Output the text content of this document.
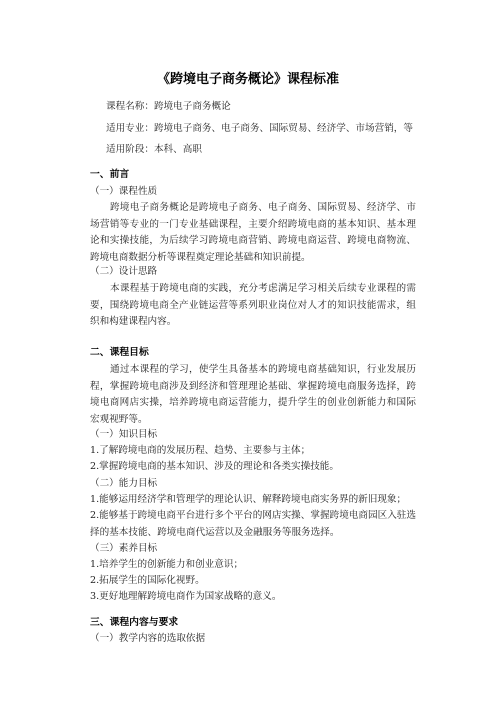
《跨境电子商务概论》课程标准
课程名称：跨境电子商务概论
适用专业：跨境电子商务、电子商务、国际贸易、经济学、市场营销，等
适用阶段：本科、高职
一、前言
（一）课程性质

跨境电子商务概论是跨境电子商务、电子商务、国际贸易、经济学、市场营销等专业的一门专业基础课程，主要介绍跨境电商的基本知识、基本理论和实操技能，为后续学习跨境电商营销、跨境电商运营、跨境电商物流、跨境电商数据分析等课程奠定理论基础和知识前提。

（二）设计思路

本课程基于跨境电商的实践，充分考虑满足学习相关后续专业课程的需要，围绕跨境电商全产业链运营等系列职业岗位对人才的知识技能需求，组织和构建课程内容。

二、课程目标

通过本课程的学习，使学生具备基本的跨境电商基础知识，行业发展历程，掌握跨境电商涉及到经济和管理理论基础、掌握跨境电商服务选择，跨境电商网店实操，培养跨境电商运营能力，提升学生的创业创新能力和国际宏观视野等。

（一）知识目标
1.了解跨境电商的发展历程、趋势、主要参与主体；
2.掌握跨境电商的基本知识、涉及的理论和各类实操技能。
（二）能力目标
1.能够运用经济学和管理学的理论认识、解释跨境电商实务界的新旧现象；

2.能够基于跨境电商平台进行多个平台的网店实操、掌握跨境电商园区入驻选择的基本技能、跨境电商代运营以及金融服务等服务选择。

（三）素养目标
1.培养学生的创新能力和创业意识；
2.拓展学生的国际化视野。
3.更好地理解跨境电商作为国家战略的意义。
三、课程内容与要求
（一）教学内容的选取依据
